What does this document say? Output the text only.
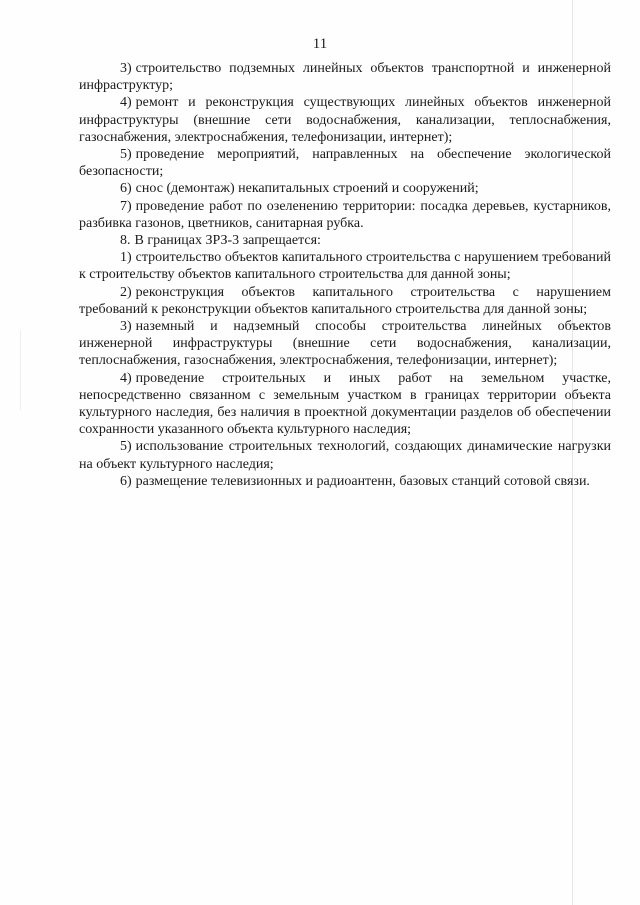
11

3) строительство подземных линейных объектов транспортной и инженерной инфраструктур;

4) ремонт и реконструкция существующих линейных объектов инженерной инфраструктуры (внешние сети водоснабжения, канализации, теплоснабжения, газоснабжения, электроснабжения, телефонизации, интернет);

5) проведение мероприятий, направленных на обеспечение экологической безопасности;

6) снос (демонтаж) некапитальных строений и сооружений;

7) проведение работ по озеленению территории: посадка деревьев, кустарников, разбивка газонов, цветников, санитарная рубка.

8. В границах ЗРЗ-3 запрещается:

1) строительство объектов капитального строительства с нарушением требований к строительству объектов капитального строительства для данной зоны;

2) реконструкция объектов капитального строительства с нарушением требований к реконструкции объектов капитального строительства для данной зоны;

3) наземный и надземный способы строительства линейных объектов инженерной инфраструктуры (внешние сети водоснабжения, канализации, теплоснабжения, газоснабжения, электроснабжения, телефонизации, интернет);

4) проведение строительных и иных работ на земельном участке, непосредственно связанном с земельным участком в границах территории объекта культурного наследия, без наличия в проектной документации разделов об обеспечении сохранности указанного объекта культурного наследия;

5) использование строительных технологий, создающих динамические нагрузки на объект культурного наследия;

6) размещение телевизионных и радиоантенн, базовых станций сотовой связи.
